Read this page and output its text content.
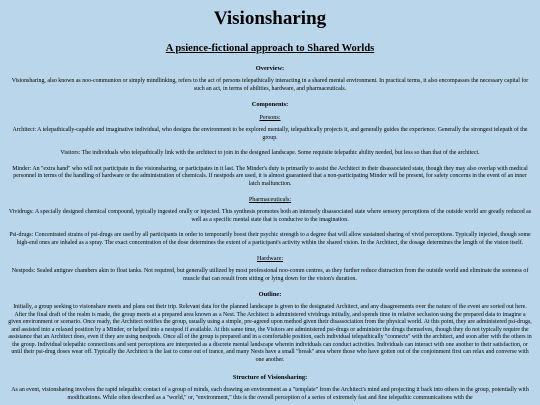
Visionsharing
A psience-fictional approach to Shared Worlds
Overview:

Visionsharing, also known as noo-communion or simply mindlinking, refers to the act of persons telepathically interacting in a shared mental environment. In practical terms, it also encompasses the necessary capital for such an act, in terms of abilities, hardware, and pharmaceuticals.

Components:
Persons:

Architect: A telepathically-capable and imaginative individual, who designs the environment to be explored mentally, telepathically projects it, and generally guides the experience. Generally the strongest telepath of the group.

Visitors: The individuals who telepathically link with the architect to join in the designed landscape. Some requisite telepathic ability needed, but less so than that of the architect.

Minder: An "extra hand" who will not participate in the visionsharing, or participates in it last. The Minder's duty is primarily to assist the Architect in their disassociated state, though they may also overlap with medical personnel in terms of the handling of hardware or the administration of chemicals. If nestpods are used, it is almost guaranteed that a non-participating Minder will be present, for safety concerns in the event of an inner latch malfunction.

Pharmaceuticals:

Vividrugs: A specially designed chemical compound, typically ingested orally or injected. This synthesis promotes both an intensely disassociated state where sensory perceptions of the outside world are greatly reduced as well as a specific mental state that is conducive to the imagination.

Psi-drugs: Concentrated strains of psi-drugs are used by all participants in order to temporarily boost their psychic strength to a degree that will allow sustained sharing of vivid perceptions. Typically injected, though some high-end ones are inhaled as a spray. The exact concentration of the dose determines the extent of a participant's activity within the shared vision. In the Architect, the dosage determines the length of the vision itself.

Hardware:

Nestpods: Sealed antigrav chambers akin to float tanks. Not required, but generally utilized by most professional noo-comm centres, as they further reduce distraction from the outside world and eliminate the soreness of muscle that can result from sitting or lying down for the vision's duration.

Outline:

Initially, a group seeking to visionshare meets and plans out their trip. Relevant data for the planned landscape is given to the designated Architect, and any disagreements over the nature of the event are sorted out here. After the final draft of the realm is made, the group meets at a prepared area known as a Nest. The Architect is administered vividrugs initially, and spends time in relative seclusion using the prepared data to imagine a given environment or scenario. Once ready, the Architect notifies the group, usually using a simple, pre-agreed upon method given their disassociation from the physical world. At this point, they are administered psi-drugs, and assisted into a relaxed position by a Minder, or helped into a nestpod if available. At this same time, the Visitors are administered psi-drugs or administer the drugs themselves, though they do not typically require the assistance that an Architect does, even if they are using nestpods. Once all of the group is prepared and in a comfortable position, each individual telepathically "connects" with the architect, and soon after with the others in the group. Individual telepathic connections and sent perceptions are interpreted as a discrete mental landscape wherein individuals can conduct activities. Individuals can interact with one another to their satisfaction, or until their psi-drug doses wear off. Typically the Architect is the last to come out of trance, and many Nests have a small "break" area where those who have gotten out of the conjoinment first can relax and converse with one another.

Structure of Visionsharing:

As an event, visionsharing involves the rapid telepathic contact of a group of minds, each drawing an environment as a "template" from the Architect's mind and projecting it back into others in the group, potentially with modifications. While often described as a "world," or, "environment," this is the overall perception of a series of extremely fast and fine telepathic communications with the
